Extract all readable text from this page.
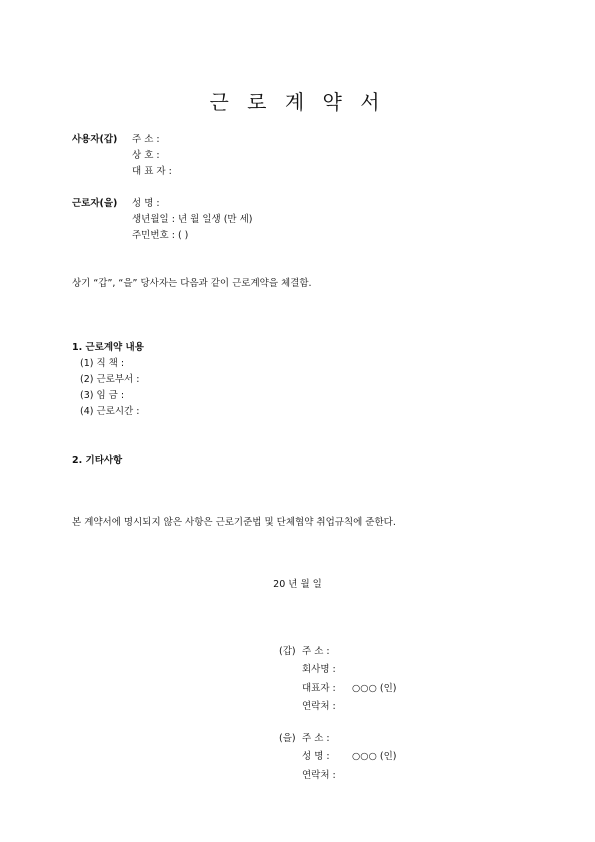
근 로 계 약 서
사용자(갑) 주 소 :
상 호 :
대 표 자 :
근로자(을) 성 명 :
생년월일 : 년 월 일생 (만 세)
주민번호 : ( )
상기 “갑”, “을” 당사자는 다음과 같이 근로계약을 체결함.
1. 근로계약 내용
(1) 직 책 :
(2) 근로부서 :
(3) 임 금 :
(4) 근로시간 :
2. 기타사항
본 계약서에 명시되지 않은 사항은 근로기준법 및 단체협약 취업규칙에 준한다.
20 년 월 일
(갑) 주 소 :
회사명 :
대표자 : ○○○ (인)
연락처 :
(을) 주 소 :
성 명 : ○○○ (인)
연락처 :
